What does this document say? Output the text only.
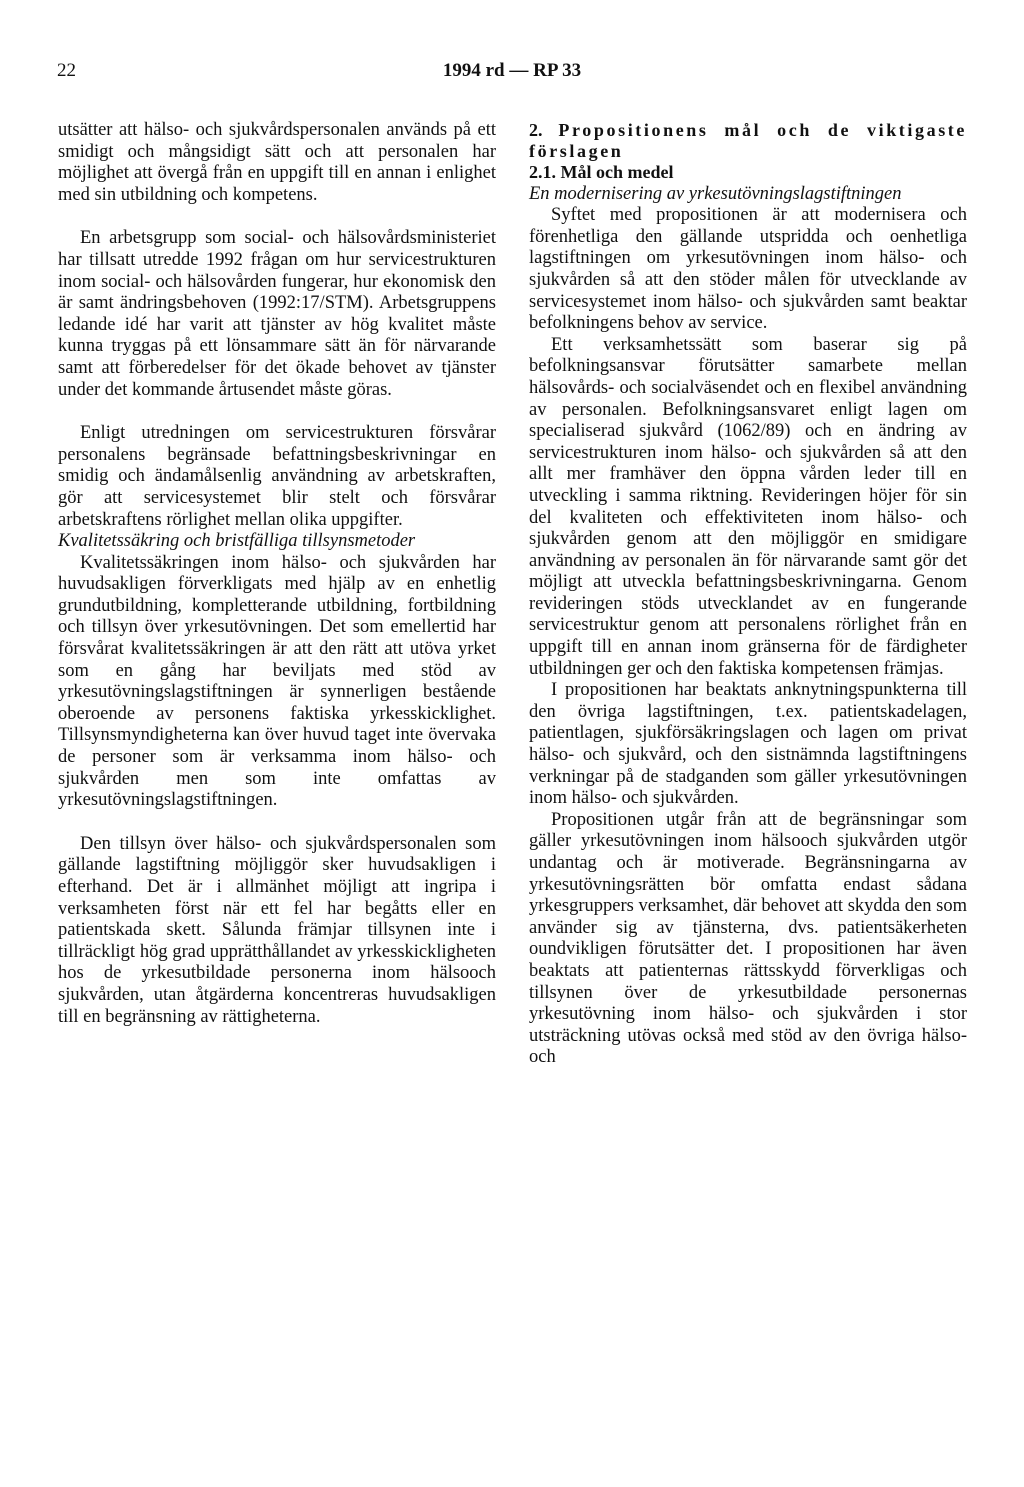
22	1994 rd — RP 33

utsätter att hälso- och sjukvårdspersonalen används på ett smidigt och mångsidigt sätt och att personalen har möjlighet att övergå från en uppgift till en annan i enlighet med sin utbildning och kompetens.

En arbetsgrupp som social- och hälsovårdsministeriet har tillsatt utredde 1992 frågan om hur servicestrukturen inom social- och hälsovården fungerar, hur ekonomisk den är samt ändringsbehoven (1992:17/STM). Arbetsgruppens ledande idé har varit att tjänster av hög kvalitet måste kunna tryggas på ett lönsammare sätt än för närvarande samt att förberedelser för det ökade behovet av tjänster under det kommande årtusendet måste göras.

Enligt utredningen om servicestrukturen försvårar personalens begränsade befattningsbeskrivningar en smidig och ändamålsenlig användning av arbetskraften, gör att servicesystemet blir stelt och försvårar arbetskraftens rörlighet mellan olika uppgifter.

Kvalitetssäkring och bristfälliga tillsynsmetoder

Kvalitetssäkringen inom hälso- och sjukvården har huvudsakligen förverkligats med hjälp av en enhetlig grundutbildning, kompletterande utbildning, fortbildning och tillsyn över yrkesutövningen. Det som emellertid har försvårat kvalitetssäkringen är att den rätt att utöva yrket som en gång har beviljats med stöd av yrkesutövningslagstiftningen är synnerligen bestående oberoende av personens faktiska yrkesskicklighet. Tillsynsmyndigheterna kan över huvud taget inte övervaka de personer som är verksamma inom hälso- och sjukvården men som inte omfattas av yrkesutövningslagstiftningen.

Den tillsyn över hälso- och sjukvårdspersonalen som gällande lagstiftning möjliggör sker huvudsakligen i efterhand. Det är i allmänhet möjligt att ingripa i verksamheten först när ett fel har begåtts eller en patientskada skett. Sålunda främjar tillsynen inte i tillräckligt hög grad upprätthållandet av yrkesskickligheten hos de yrkesutbildade personerna inom hälsooch sjukvården, utan åtgärderna koncentreras huvudsakligen till en begränsning av rättigheterna.

2. Propositionens mål och de viktigaste förslagen

2.1. Mål och medel

En modernisering av yrkesutövningslagstiftningen

Syftet med propositionen är att modernisera och förenhetliga den gällande utspridda och oenhetliga lagstiftningen om yrkesutövningen inom hälso- och sjukvården så att den stöder målen för utvecklande av servicesystemet inom hälso- och sjukvården samt beaktar befolkningens behov av service.

Ett verksamhetssätt som baserar sig på befolkningsansvar förutsätter samarbete mellan hälsovårds- och socialväsendet och en flexibel användning av personalen. Befolkningsansvaret enligt lagen om specialiserad sjukvård (1062/89) och en ändring av servicestrukturen inom hälso- och sjukvården så att den allt mer framhäver den öppna vården leder till en utveckling i samma riktning. Revideringen höjer för sin del kvaliteten och effektiviteten inom hälso- och sjukvården genom att den möjliggör en smidigare användning av personalen än för närvarande samt gör det möjligt att utveckla befattningsbeskrivningarna. Genom revideringen stöds utvecklandet av en fungerande servicestruktur genom att personalens rörlighet från en uppgift till en annan inom gränserna för de färdigheter utbildningen ger och den faktiska kompetensen främjas.

I propositionen har beaktats anknytningspunkterna till den övriga lagstiftningen, t.ex. patientskadelagen, patientlagen, sjukförsäkringslagen och lagen om privat hälso- och sjukvård, och den sistnämnda lagstiftningens verkningar på de stadganden som gäller yrkesutövningen inom hälso- och sjukvården.

Propositionen utgår från att de begränsningar som gäller yrkesutövningen inom hälsooch sjukvården utgör undantag och är motiverade. Begränsningarna av yrkesutövningsrätten bör omfatta endast sådana yrkesgruppers verksamhet, där behovet att skydda den som använder sig av tjänsterna, dvs. patientsäkerheten oundvikligen förutsätter det. I propositionen har även beaktats att patienternas rättsskydd förverkligas och tillsynen över de yrkesutbildade personernas yrkesutövning inom hälso- och sjukvården i stor utsträckning utövas också med stöd av den övriga hälso- och
